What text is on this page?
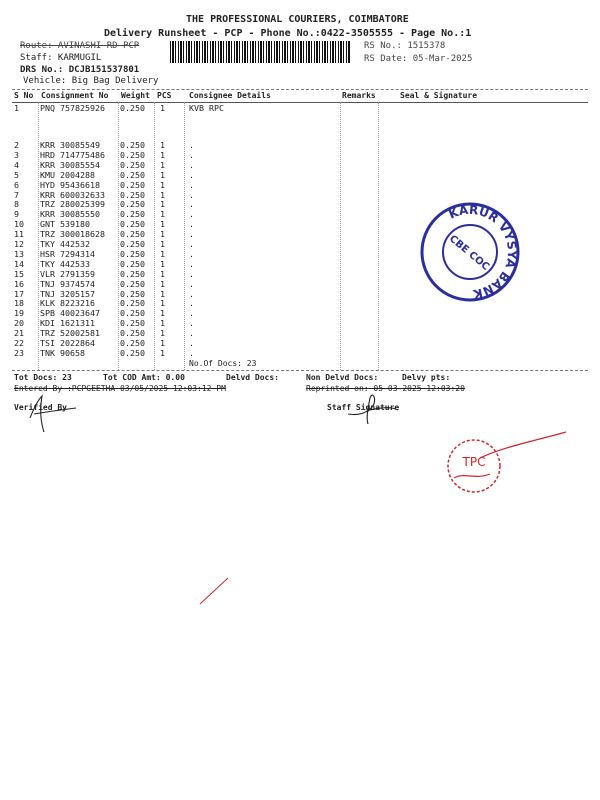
THE PROFESSIONAL COURIERS, COIMBATORE
Delivery Runsheet - PCP - Phone No.:0422-3505555 - Page No.:1
Route: AVINASHI RD PCP
Staff: KARMUGIL
DRS No.: DCJB151537801
Vehicle: Big Bag Delivery
RS No.: 1515378
RS Date: 05-Mar-2025
S No Consignment No Weight PCS Consignee Details	Remarks	Seal & Signature
1	PNQ 757825926 0.250 1	KVB RPC
2	KRR 30085549 0.250 1	.
3	HRD 714775486 0.250 1	.
4	KRR 30085554 0.250 1	.
5	KMU 2004288	0.250 1	.
6	HYD 95436618 0.250 1	.
7	KRR 600032633 0.250 1	.
8	TRZ 280025399 0.250 1	.
9	KRR 30085550 0.250 1	.
10 GNT 539180	0.250 1	.
11 TRZ 300018628 0.250 1	.
12 TKY 442532	0.250 1	.
13 HSR 7294314	0.250 1	.
14 TKY 442533	0.250 1	.
15 VLR 2791359	0.250 1	.
16 TNJ 9374574	0.250 1	.
17 TNJ 3205157	0.250 1	.
18 KLK 8223216	0.250 1	.
19 SPB 40023647 0.250 1	.
20 KDI 1621311	0.250 1	.
21 TRZ 52002581 0.250 1	.
22 TSI 2022864	0.250 1	.
23 TNK 90658	0.250 1	.
No.Of Docs: 23
Tot Docs: 23	Tot COD Amt: 0.00	Delvd Docs:	Non Delvd Docs:	Delvy pts:
Entered By :PCPGEETHA 03/05/2025 12:03:12 PM	Reprinted on: 05-03-2025 12:03:20
Verified By	Staff Signature
KARUR VYSYA BANK
CBE COC
TPC
